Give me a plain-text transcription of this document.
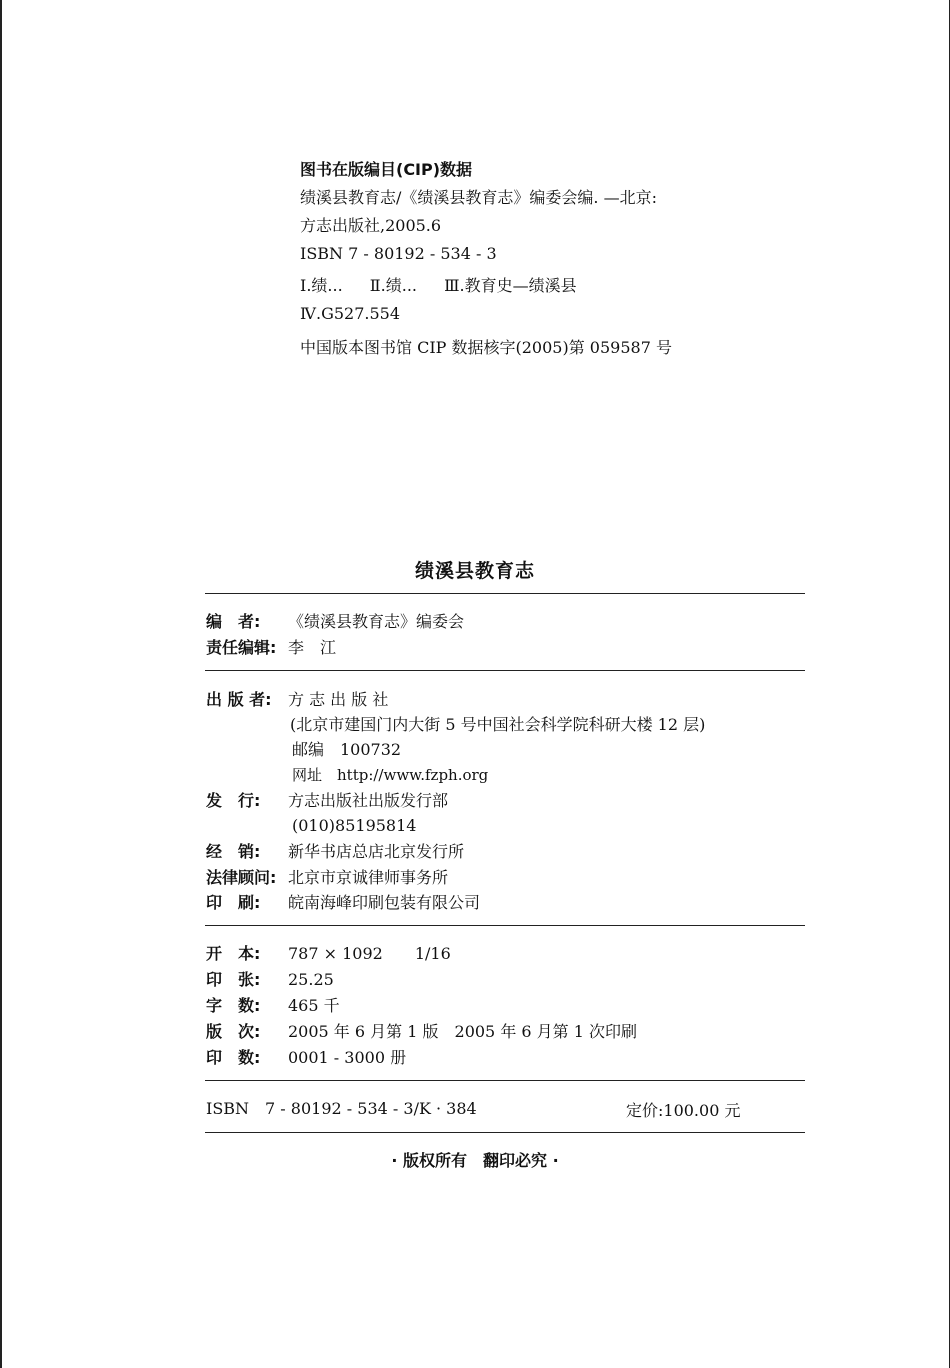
图书在版编目(CIP)数据
绩溪县教育志/《绩溪县教育志》编委会编. —北京:
方志出版社,2005.6
ISBN 7 - 80192 - 534 - 3
Ⅰ.绩... Ⅱ.绩... Ⅲ.教育史—绩溪县
Ⅳ.G527.554
中国版本图书馆 CIP 数据核字(2005)第 059587 号
绩溪县教育志
编　者: 《绩溪县教育志》编委会
责任编辑: 李　江
出 版 者: 方 志 出 版 社
(北京市建国门内大街 5 号中国社会科学院科研大楼 12 层)
邮编　100732
网址　http://www.fzph.org
发　行: 方志出版社出版发行部
(010)85195814
经　销: 新华书店总店北京发行所
法律顾问: 北京市京诚律师事务所
印　刷: 皖南海峰印刷包装有限公司
开　本: 787 × 1092　　1/16
印　张: 25.25
字　数: 465 千
版　次: 2005 年 6 月第 1 版　2005 年 6 月第 1 次印刷
印　数: 0001 - 3000 册
ISBN　7 - 80192 - 534 - 3/K · 384	定价:100.00 元
· 版权所有　翻印必究 ·
